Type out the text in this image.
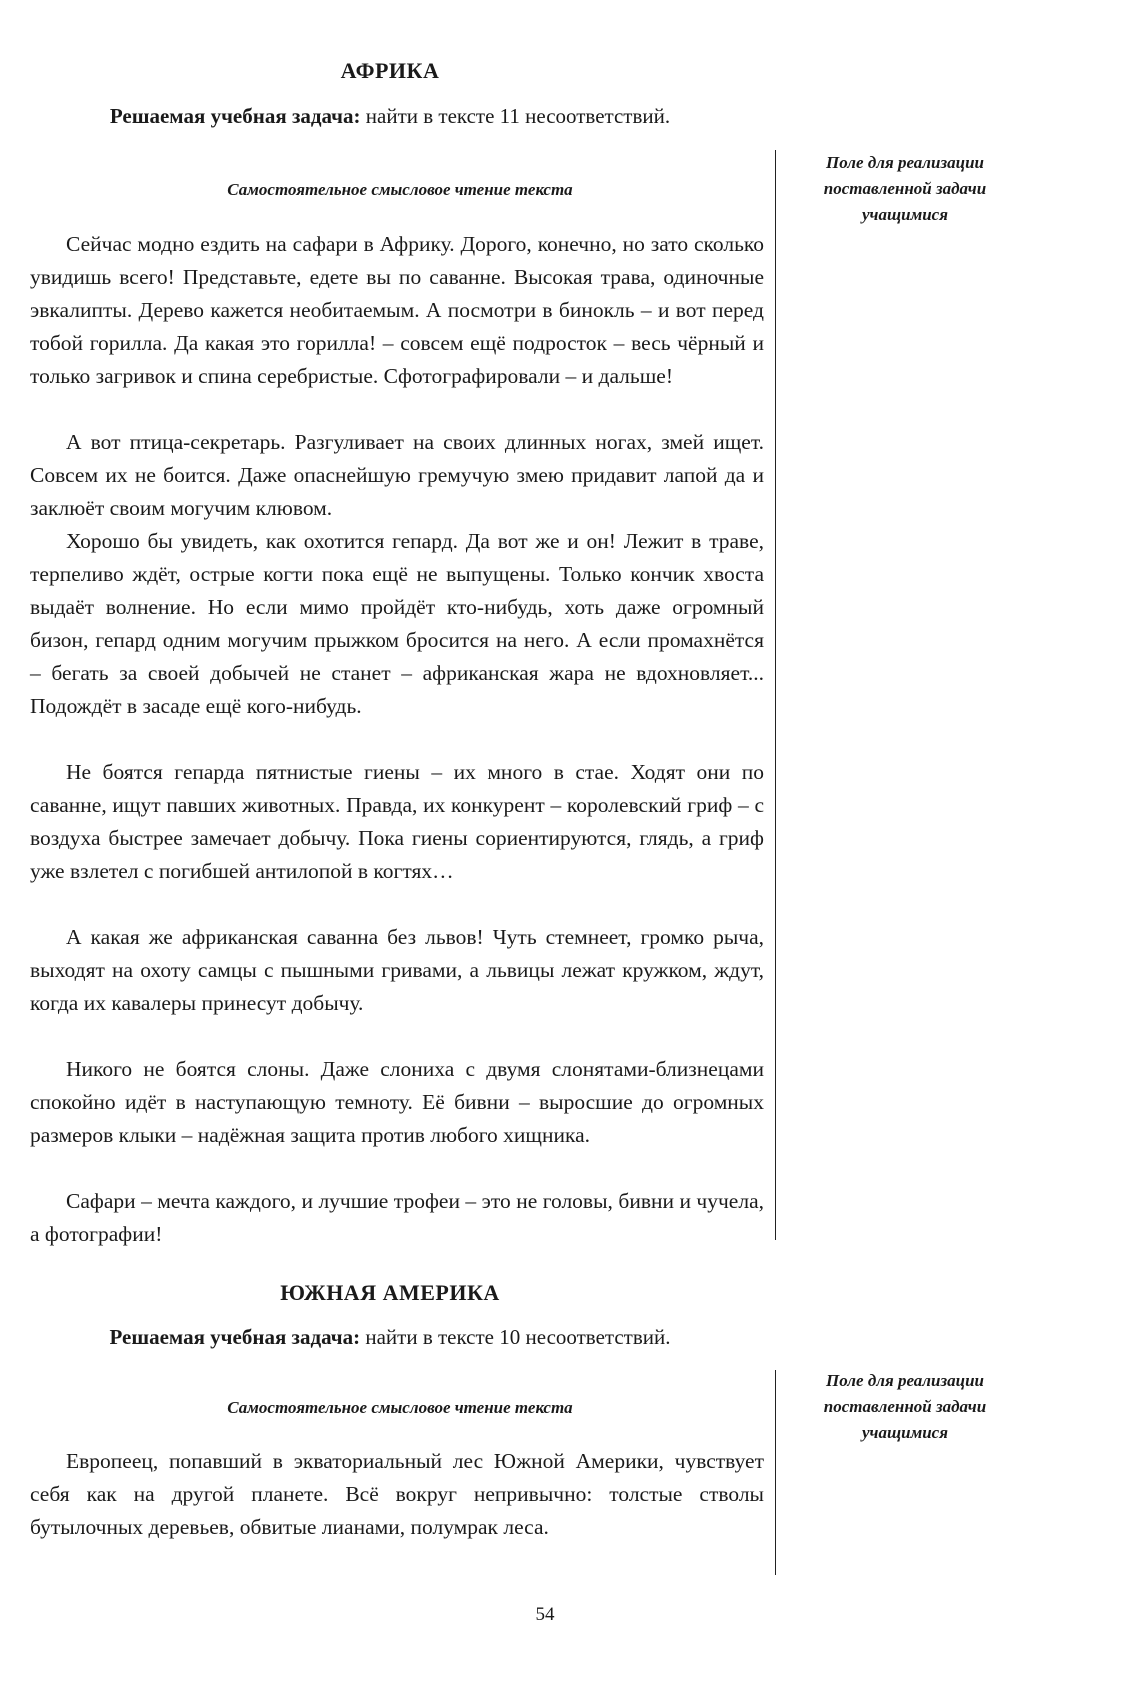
АФРИКА
Решаемая учебная задача: найти в тексте 11 несоответствий.
Поле для реализации поставленной задачи учащимися
Самостоятельное смысловое чтение текста

Сейчас модно ездить на сафари в Африку. Дорого, конечно, но зато сколько увидишь всего! Представьте, едете вы по саванне. Высокая трава, одиночные эвкалипты. Дерево кажется необитаемым. А посмотри в бинокль – и вот перед тобой горилла. Да какая это горилла! – совсем ещё подросток – весь чёрный и только загривок и спина серебристые. Сфотографировали – и дальше!

А вот птица-секретарь. Разгуливает на своих длинных ногах, змей ищет. Совсем их не боится. Даже опаснейшую гремучую змею придавит лапой да и заклюёт своим могучим клювом.

Хорошо бы увидеть, как охотится гепард. Да вот же и он! Лежит в траве, терпеливо ждёт, острые когти пока ещё не выпущены. Только кончик хвоста выдаёт волнение. Но если мимо пройдёт кто-нибудь, хоть даже огромный бизон, гепард одним могучим прыжком бросится на него. А если промахнётся – бегать за своей добычей не станет – африканская жара не вдохновляет... Подождёт в засаде ещё кого-нибудь.

Не боятся гепарда пятнистые гиены – их много в стае. Ходят они по саванне, ищут павших животных. Правда, их конкурент – королевский гриф – с воздуха быстрее замечает добычу. Пока гиены сориентируются, глядь, а гриф уже взлетел с погибшей антилопой в когтях…

А какая же африканская саванна без львов! Чуть стемнеет, громко рыча, выходят на охоту самцы с пышными гривами, а львицы лежат кружком, ждут, когда их кавалеры принесут добычу.

Никого не боятся слоны. Даже слониха с двумя слонятами-близнецами спокойно идёт в наступающую темноту. Её бивни – выросшие до огромных размеров клыки – надёжная защита против любого хищника.

Сафари – мечта каждого, и лучшие трофеи – это не головы, бивни и чучела, а фотографии!

ЮЖНАЯ АМЕРИКА
Решаемая учебная задача: найти в тексте 10 несоответствий.
Поле для реализации поставленной задачи учащимися
Самостоятельное смысловое чтение текста

Европеец, попавший в экваториальный лес Южной Америки, чувствует себя как на другой планете. Всё вокруг непривычно: толстые стволы бутылочных деревьев, обвитые лианами, полумрак леса.

54
